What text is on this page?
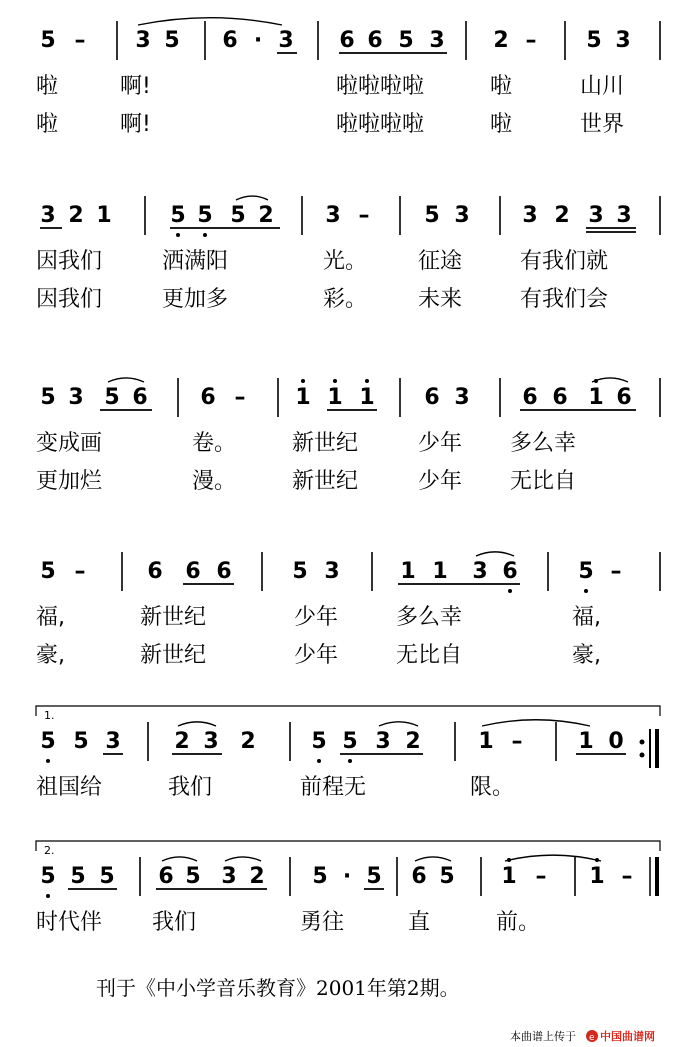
5 – 3 5 6 · 3 6 6 5 3 2 – 5 3
啦	啊!	啦啦啦啦	啦	山川
啦	啊!	啦啦啦啦	啦	世界
3 2 1	5 5 5 2 3 – 5 3 3 2 3 3
因我们	洒满阳	光。 征途	有我们就
因我们	更加多	彩。 未来	有我们会
5 3 5 6 6 – 1 1 1 6 3 6 6 1 6
变成画	卷。	新世纪	少年 多么幸
更加烂	漫。	新世纪	少年 无比自
5 –	6 6 6	5 3	1 1 3 6	5 –
福,	新世纪	少年	多么幸	福,
豪,	新世纪	少年	无比自	豪,
5 5 3 2 3 2	5 5 3 2	1 –	1 0
1.
祖国给	我们	前程无	限。
5 5 5 6 5 3 2 5 · 5 6 5 1 – 1 –
2.
时代伴 我们	勇往	直	前。
刊于《中小学音乐教育》2001年第2期。
本曲谱上传于 e 中国曲谱网
